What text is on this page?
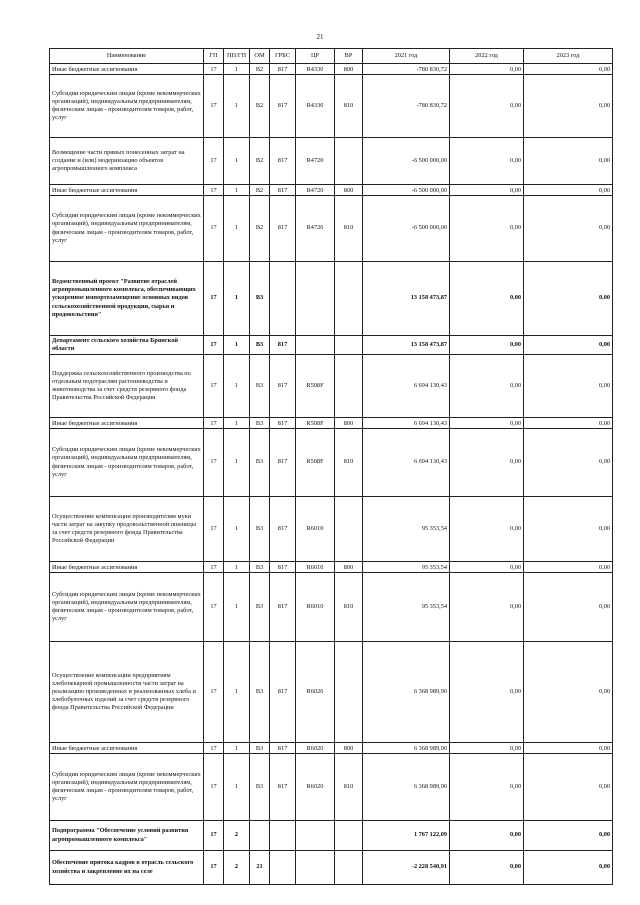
21
Наименование	ГП	ПП/ГП	ОМ	ГРБС	ЦР	ВР	2021 год	2022 год	2023 год
Иные бюджетные ассигнования	17	1	В2	817	R4330	800	-780 830,72	0,00	0,00
Субсидии юридическим лицам (кроме некоммерческих организаций), индивидуальным предпринимателям, физическим лицам - производителям товаров, работ, услуг	17	1	В2	817	R4330	810	-780 830,72	0,00	0,00
Возмещение части прямых понесенных затрат на создание и (или) модернизацию объектов агропромышленного комплекса	17	1	В2	817	R4720		-6 500 000,00	0,00	0,00
Иные бюджетные ассигнования	17	1	В2	817	R4720	800	-6 500 000,00	0,00	0,00
Субсидии юридическим лицам (кроме некоммерческих организаций), индивидуальным предпринимателям, физическим лицам - производителям товаров, работ, услуг	17	1	В2	817	R4720	810	-6 500 000,00	0,00	0,00
Ведомственный проект "Развитие отраслей агропромышленного комплекса, обеспечивающих ускоренное импортозамещение основных видов сельскохозяйственной продукции, сырья и продовольствия"	17	1	В3				13 158 473,87	0,00	0,00
Департамент сельского хозяйства Брянской области	17	1	В3	817			13 158 473,87	0,00	0,00
Поддержка сельскохозяйственного производства по отдельным подотраслям растениеводства и животноводства за счет средств резервного фонда Правительства Российской Федерации	17	1	В3	817	R508F		6 694 130,43	0,00	0,00
Иные бюджетные ассигнования	17	1	В3	817	R508F	800	6 694 130,43	0,00	0,00
Субсидии юридическим лицам (кроме некоммерческих организаций), индивидуальным предпринимателям, физическим лицам - производителям товаров, работ, услуг	17	1	В3	817	R508F	810	6 694 130,43	0,00	0,00
Осуществление компенсации производителям муки части затрат на закупку продовольственной пшеницы за счет средств резервного фонда Правительства Российской Федерации	17	1	В3	817	R6010		95 353,54	0,00	0,00
Иные бюджетные ассигнования	17	1	В3	817	R6010	800	95 353,54	0,00	0,00
Субсидии юридическим лицам (кроме некоммерческих организаций), индивидуальным предпринимателям, физическим лицам - производителям товаров, работ, услуг	17	1	В3	817	R6010	810	95 353,54	0,00	0,00
Осуществление компенсации предприятиям хлебопекарной промышленности части затрат на реализацию произведенных и реализованных хлеба и хлебобулочных изделий за счет средств резервного фонда Правительства Российской Федерации	17	1	В3	817	R6020		6 368 989,90	0,00	0,00
Иные бюджетные ассигнования	17	1	В3	817	R6020	800	6 368 989,90	0,00	0,00
Субсидии юридическим лицам (кроме некоммерческих организаций), индивидуальным предпринимателям, физическим лицам - производителям товаров, работ, услуг	17	1	В3	817	R6020	810	6 368 989,90	0,00	0,00
Подпрограмма "Обеспечение условий развития агропромышленного комплекса"	17	2					1 767 122,09	0,00	0,00
Обеспечение притока кадров в отрасль сельского хозяйства и закрепление их на селе	17	2	21				-2 228 540,91	0,00	0,00
